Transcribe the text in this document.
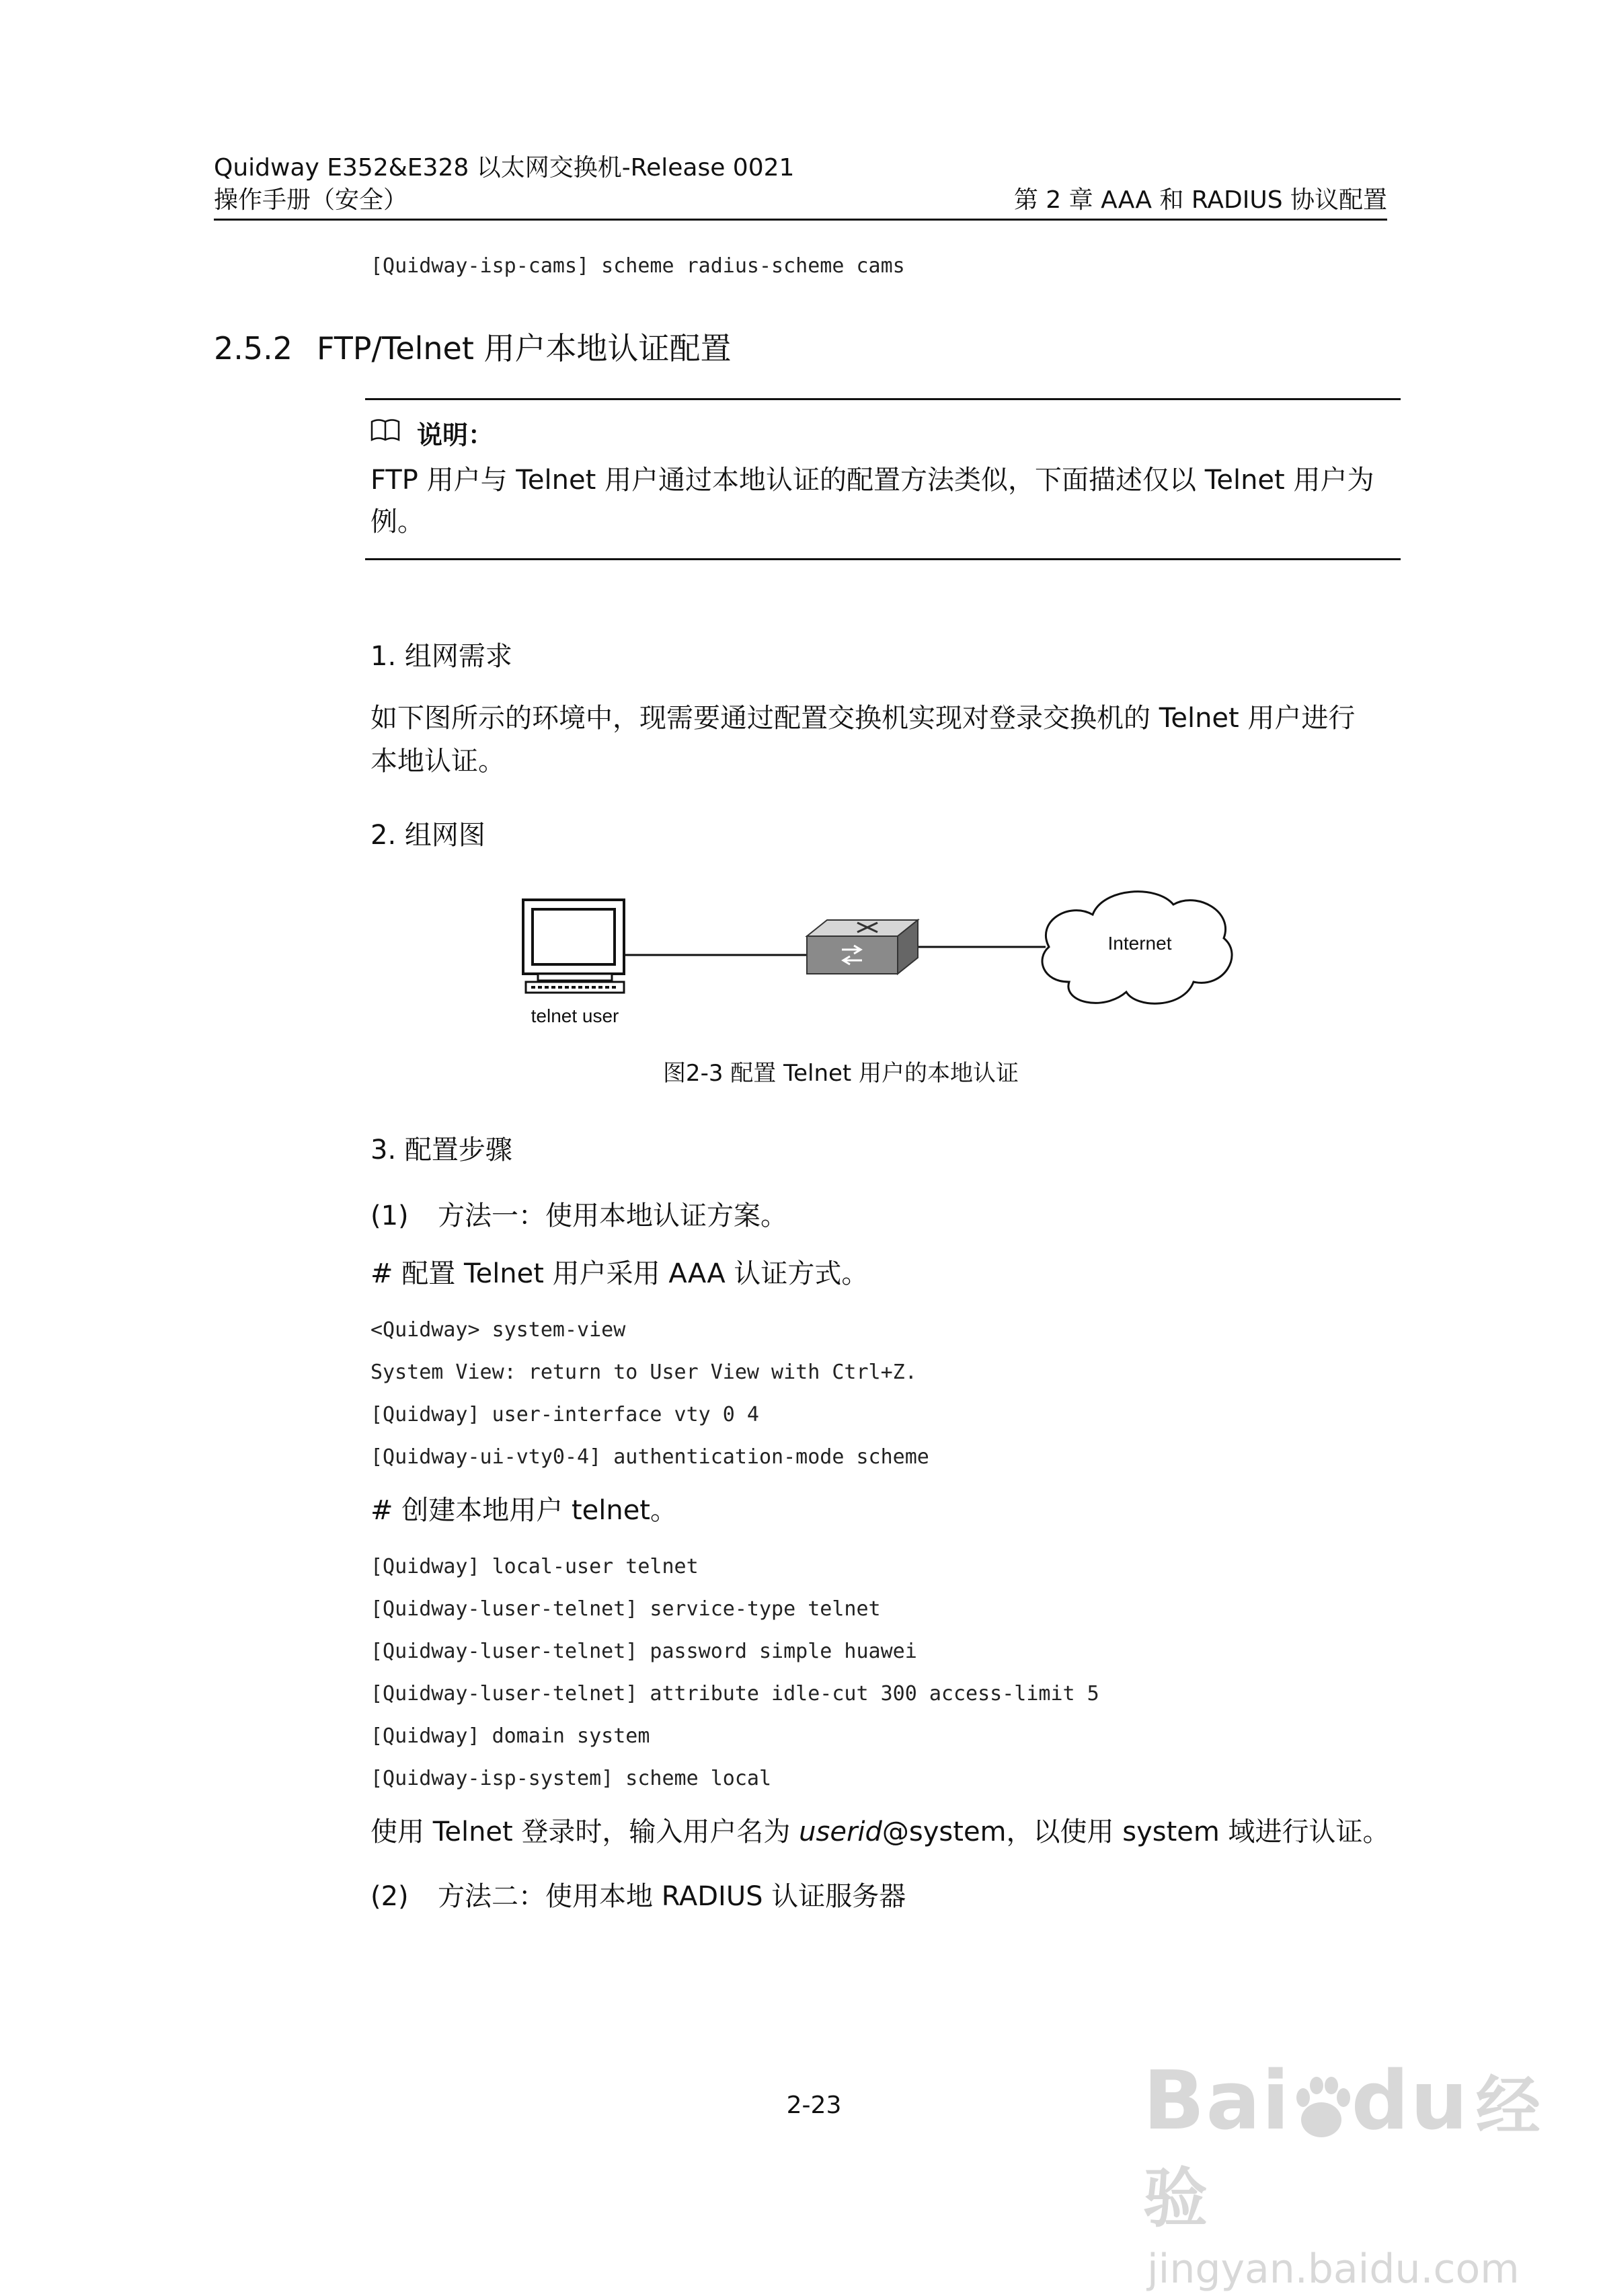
Quidway E352&E328 以太网交换机-Release 0021
操作手册（安全）	第 2 章 AAA 和 RADIUS 协议配置
[Quidway-isp-cams] scheme radius-scheme cams
2.5.2 FTP/Telnet 用户本地认证配置
说明：
FTP 用户与 Telnet 用户通过本地认证的配置方法类似，下面描述仅以 Telnet 用户为
例。
1. 组网需求
如下图所示的环境中，现需要通过配置交换机实现对登录交换机的 Telnet 用户进行
本地认证。
2. 组网图
Internet
telnet user
图2-3 配置 Telnet 用户的本地认证
3. 配置步骤
(1) 方法一：使用本地认证方案。
# 配置 Telnet 用户采用 AAA 认证方式。
<Quidway> system-view
System View: return to User View with Ctrl+Z.
[Quidway] user-interface vty 0 4
[Quidway-ui-vty0-4] authentication-mode scheme
# 创建本地用户 telnet。
[Quidway] local-user telnet
[Quidway-luser-telnet] service-type telnet
[Quidway-luser-telnet] password simple huawei
[Quidway-luser-telnet] attribute idle-cut 300 access-limit 5
[Quidway] domain system
[Quidway-isp-system] scheme local
使用 Telnet 登录时，输入用户名为 userid@system，以使用 system 域进行认证。
(2) 方法二：使用本地 RADIUS 认证服务器
2-23	Bai du 经验
jingyan.baidu.com
